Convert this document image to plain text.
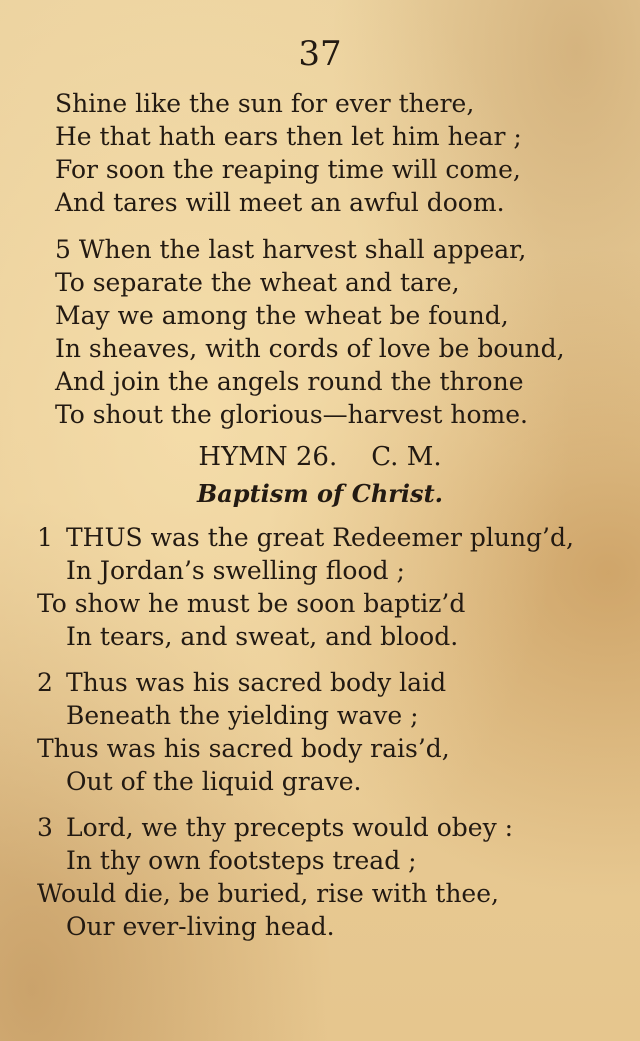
37

Shine like the sun for ever there,

He that hath ears then let him hear ;

For soon the reaping time will come,

And tares will meet an awful doom.

5 When the last harvest shall appear,

To separate the wheat and tare,

May we among the wheat be found,

In sheaves, with cords of love be bound,

And join the angels round the throne

To shout the glorious—harvest home.

HYMN 26. C. M.

Baptism of Christ.

1 THUS was the great Redeemer plung’d,

In Jordan’s swelling flood ;

To show he must be soon baptiz’d

In tears, and sweat, and blood.

2 Thus was his sacred body laid

Beneath the yielding wave ;

Thus was his sacred body rais’d,

Out of the liquid grave.

3 Lord, we thy precepts would obey :

In thy own footsteps tread ;

Would die, be buried, rise with thee,

Our ever-living head.
